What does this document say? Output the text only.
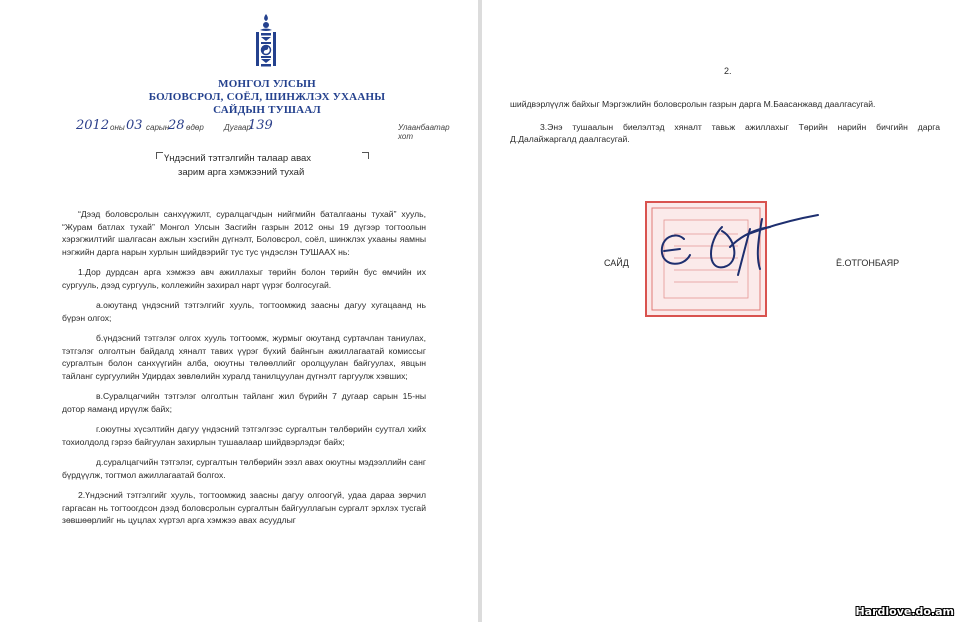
МОНГОЛ УЛСЫН
БОЛОВСРОЛ, СОЁЛ, ШИНЖЛЭХ УХААНЫ
САЙДЫН ТУШААЛ
2012 оны 03 сарын
28 өдөр	Дугаар
139	Улаанбаатар хот
Үндэсний тэтгэлгийн талаар авах
зарим арга хэмжээний тухай

“Дээд боловсролын санхүүжилт, суралцагчдын нийгмийн баталгааны тухай” хууль, “Журам батлах тухай” Монгол Улсын Засгийн газрын 2012 оны 19 дүгээр тогтоолын хэрэгжилтийг шалгасан ажлын хэсгийн дүгнэлт, Боловсрол, соёл, шинжлэх ухааны яамны нэгжийн дарга нарын хурлын шийдвэрийг тус тус үндэслэн ТУШААХ нь:

1.Дор дурдсан арга хэмжээ авч ажиллахыг төрийн болон төрийн бус өмчийн их сургууль, дээд сургууль, коллежийн захирал нарт үүрэг болгосугай.

а.оюутанд үндэсний тэтгэлгийг хууль, тогтоомжид заасны дагуу хугацаанд нь бүрэн олгох;

б.үндэсний тэтгэлэг олгох хууль тогтоомж, журмыг оюутанд суртачлан таниулах, тэтгэлэг олголтын байдалд хяналт тавих үүрэг бүхий байнгын ажиллагаатай комиссыг сургалтын болон санхүүгийн алба, оюутны төлөөллийг оролцуулан байгуулах, явцын тайланг сургуулийн Удирдах зөвлөлийн хуралд танилцуулан дүгнэлт гаргуулж хэвших;

в.Суралцагчийн тэтгэлэг олголтын тайланг жил бүрийн 7 дугаар сарын 15-ны дотор яаманд ирүүлж байх;

г.оюутны хүсэлтийн дагуу үндэсний тэтгэлгээс сургалтын төлбөрийн суутгал хийх тохиолдолд гэрээ байгуулан захирлын тушаалаар шийдвэрлэдэг байх;

д.суралцагчийн тэтгэлэг, сургалтын төлбөрийн ээзл авах оюутны мэдээллийн санг бүрдүүлж, тогтмол ажиллагаатай болгох.

2.Үндэсний тэтгэлгийг хууль, тогтоомжид заасны дагуу олгоогүй, удаа дараа зөрчил гаргасан нь тогтоогдсон дээд боловсролын сургалтын байгууллагын сургалт эрхлэх тусгай зөвшөөрлийг нь цуцлах хүртэл арга хэмжээ авах асуудлыг

2.

шийдвэрлүүлж байхыг Мэргэжлийн боловсролын газрын дарга М.Баасанжавд даалгасугай.

3.Энэ тушаалын биелэлтэд хяналт тавьж ажиллахыг Төрийн нарийн бичгийн дарга Д.Далайжаргалд даалгасугай.

САЙД	Ё.ОТГОНБАЯР
Hardlove.do.am
